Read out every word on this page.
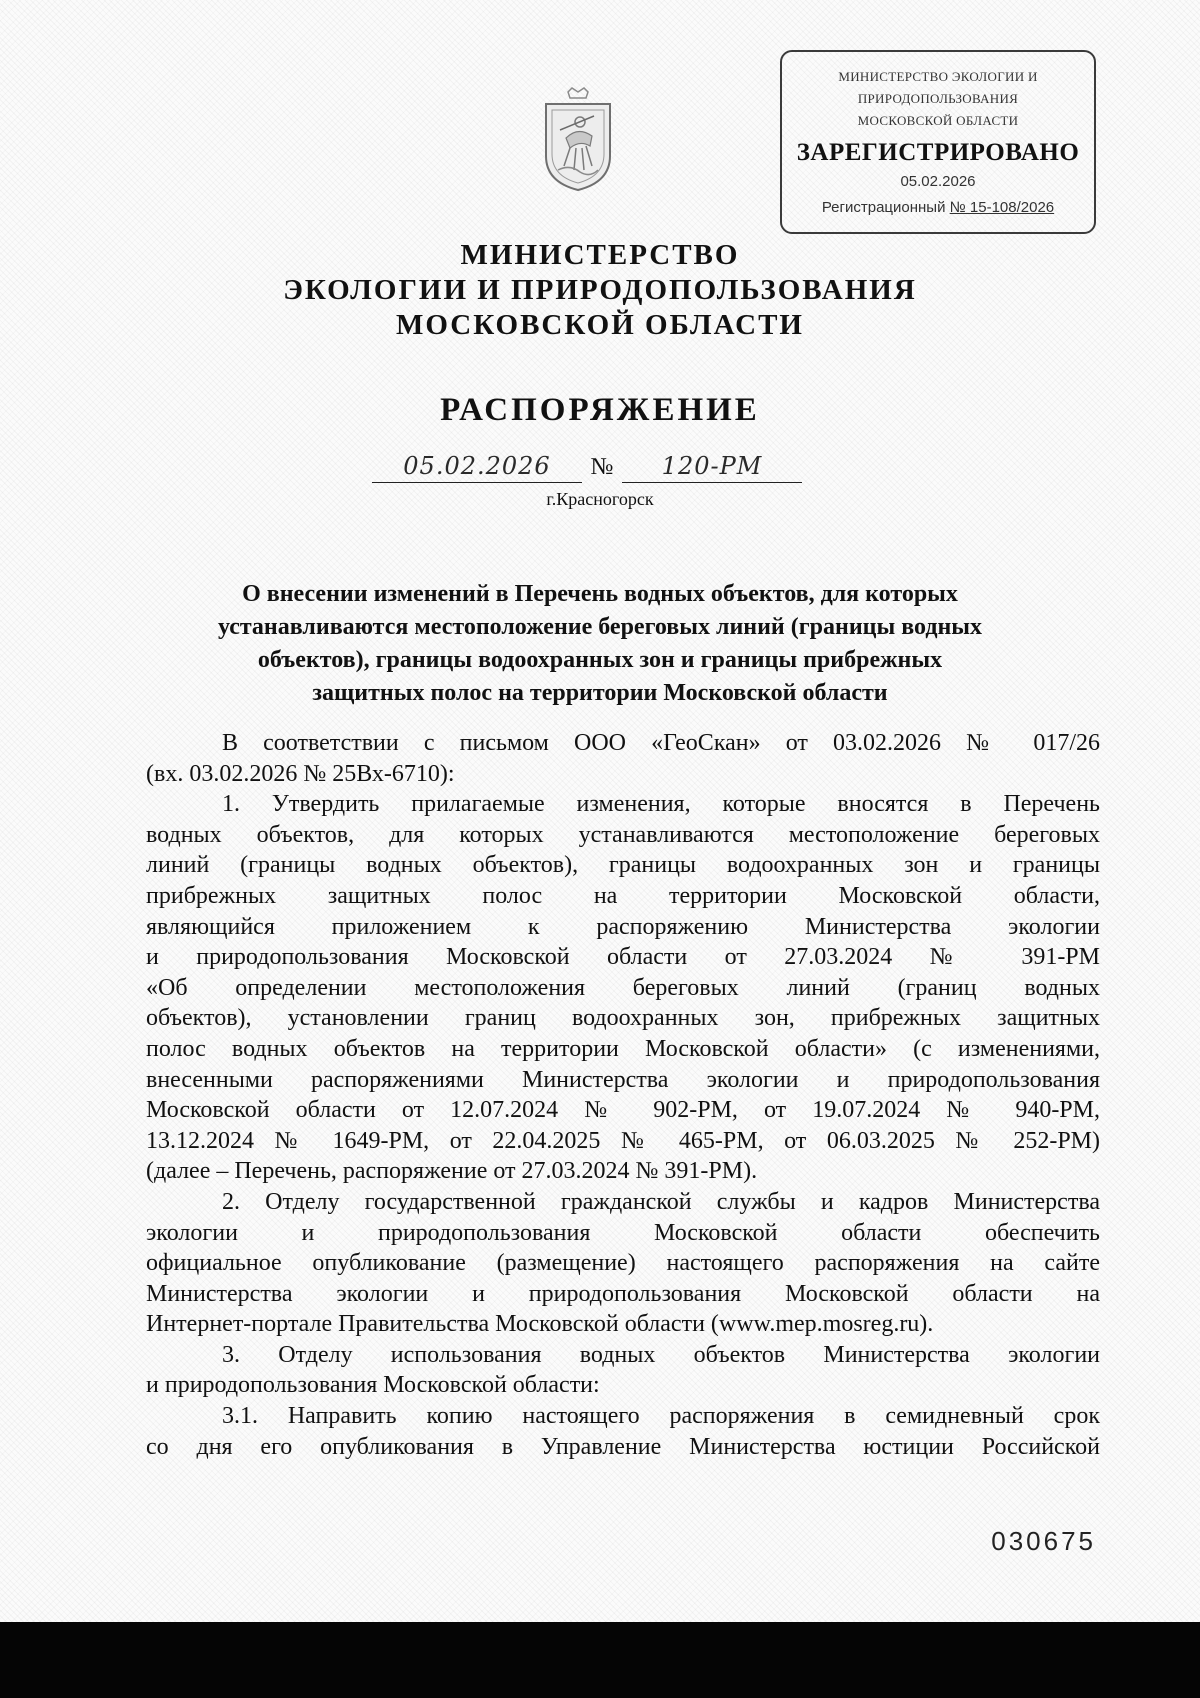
МИНИСТЕРСТВО ЭКОЛОГИИ И
ПРИРОДОПОЛЬЗОВАНИЯ
МОСКОВСКОЙ ОБЛАСТИ
ЗАРЕГИСТРИРОВАНО
05.02.2026
Регистрационный № 15-108/2026
МИНИСТЕРСТВО
ЭКОЛОГИИ И ПРИРОДОПОЛЬЗОВАНИЯ
МОСКОВСКОЙ ОБЛАСТИ
РАСПОРЯЖЕНИЕ
05.02.2026	№	120-РМ
г.Красногорск
О внесении изменений в Перечень водных объектов, для которых
устанавливаются местоположение береговых линий (границы водных
объектов), границы водоохранных зон и границы прибрежных
защитных полос на территории Московской области
В соответствии с письмом ООО «ГеоСкан» от 03.02.2026 № 017/26
(вх. 03.02.2026 № 25Вх-6710):
1. Утвердить прилагаемые изменения, которые вносятся в Перечень
водных объектов, для которых устанавливаются местоположение береговых
линий (границы водных объектов), границы водоохранных зон и границы
прибрежных защитных полос на территории Московской области,
являющийся приложением к распоряжению Министерства экологии
и природопользования Московской области от 27.03.2024 № 391-РМ
«Об определении местоположения береговых линий (границ водных
объектов), установлении границ водоохранных зон, прибрежных защитных
полос водных объектов на территории Московской области» (с изменениями,
внесенными распоряжениями Министерства экологии и природопользования
Московской области от 12.07.2024 № 902-РМ, от 19.07.2024 № 940-РМ,
13.12.2024 № 1649-РМ, от 22.04.2025 № 465-РМ, от 06.03.2025 № 252-РМ)
(далее – Перечень, распоряжение от 27.03.2024 № 391-РМ).
2. Отделу государственной гражданской службы и кадров Министерства
экологии и природопользования Московской области обеспечить
официальное опубликование (размещение) настоящего распоряжения на сайте
Министерства экологии и природопользования Московской области на
Интернет-портале Правительства Московской области (www.mep.mosreg.ru).
3. Отделу использования водных объектов Министерства экологии
и природопользования Московской области:
3.1. Направить копию настоящего распоряжения в семидневный срок
со дня его опубликования в Управление Министерства юстиции Российской
030675
